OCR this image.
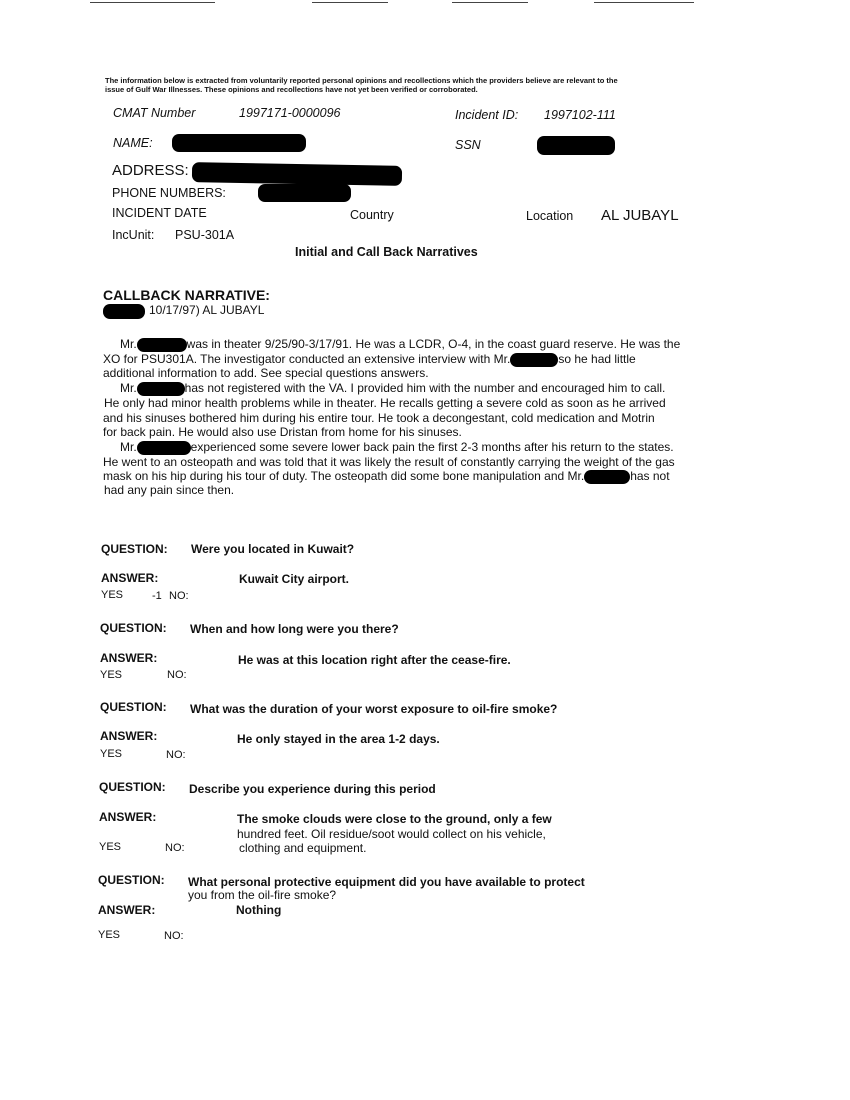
The information below is extracted from voluntarily reported personal opinions and recollections which the providers believe are relevant to the
issue of Gulf War Illnesses. These opinions and recollections have not yet been verified or corroborated.
CMAT Number	1997171-0000096	Incident ID: 1997102-111
NAME:	SSN
ADDRESS:
PHONE NUMBERS:
INCIDENT DATE	Country	Location AL JUBAYL
IncUnit: PSU-301A
Initial and Call Back Narratives
CALLBACK NARRATIVE:
10/17/97) AL JUBAYL
Mr.	was in theater 9/25/90-3/17/91. He was a LCDR, O-4, in the coast guard reserve. He was the
XO for PSU301A. The investigator conducted an extensive interview with Mr.	so he had little
additional information to add. See special questions answers.
Mr.	has not registered with the VA. I provided him with the number and encouraged him to call.
He only had minor health problems while in theater. He recalls getting a severe cold as soon as he arrived
and his sinuses bothered him during his entire tour. He took a decongestant, cold medication and Motrin
for back pain. He would also use Dristan from home for his sinuses.
Mr.	experienced some severe lower back pain the first 2-3 months after his return to the states.
He went to an osteopath and was told that it was likely the result of constantly carrying the weight of the gas
mask on his hip during his tour of duty. The osteopath did some bone manipulation and Mr.	has not
had any pain since then.
QUESTION: Were you located in Kuwait?
ANSWER:	Kuwait City airport.
YES	-1 NO:
QUESTION: When and how long were you there?
ANSWER:	He was at this location right after the cease-fire.
YES	NO:
QUESTION: What was the duration of your worst exposure to oil-fire smoke?
ANSWER:	He only stayed in the area 1-2 days.
YES	NO:
QUESTION: Describe you experience during this period
ANSWER:	The smoke clouds were close to the ground, only a few
hundred feet. Oil residue/soot would collect on his vehicle,
clothing and equipment.
YES	NO:
QUESTION: What personal protective equipment did you have available to protect
you from the oil-fire smoke?
ANSWER:	Nothing
YES	NO:
